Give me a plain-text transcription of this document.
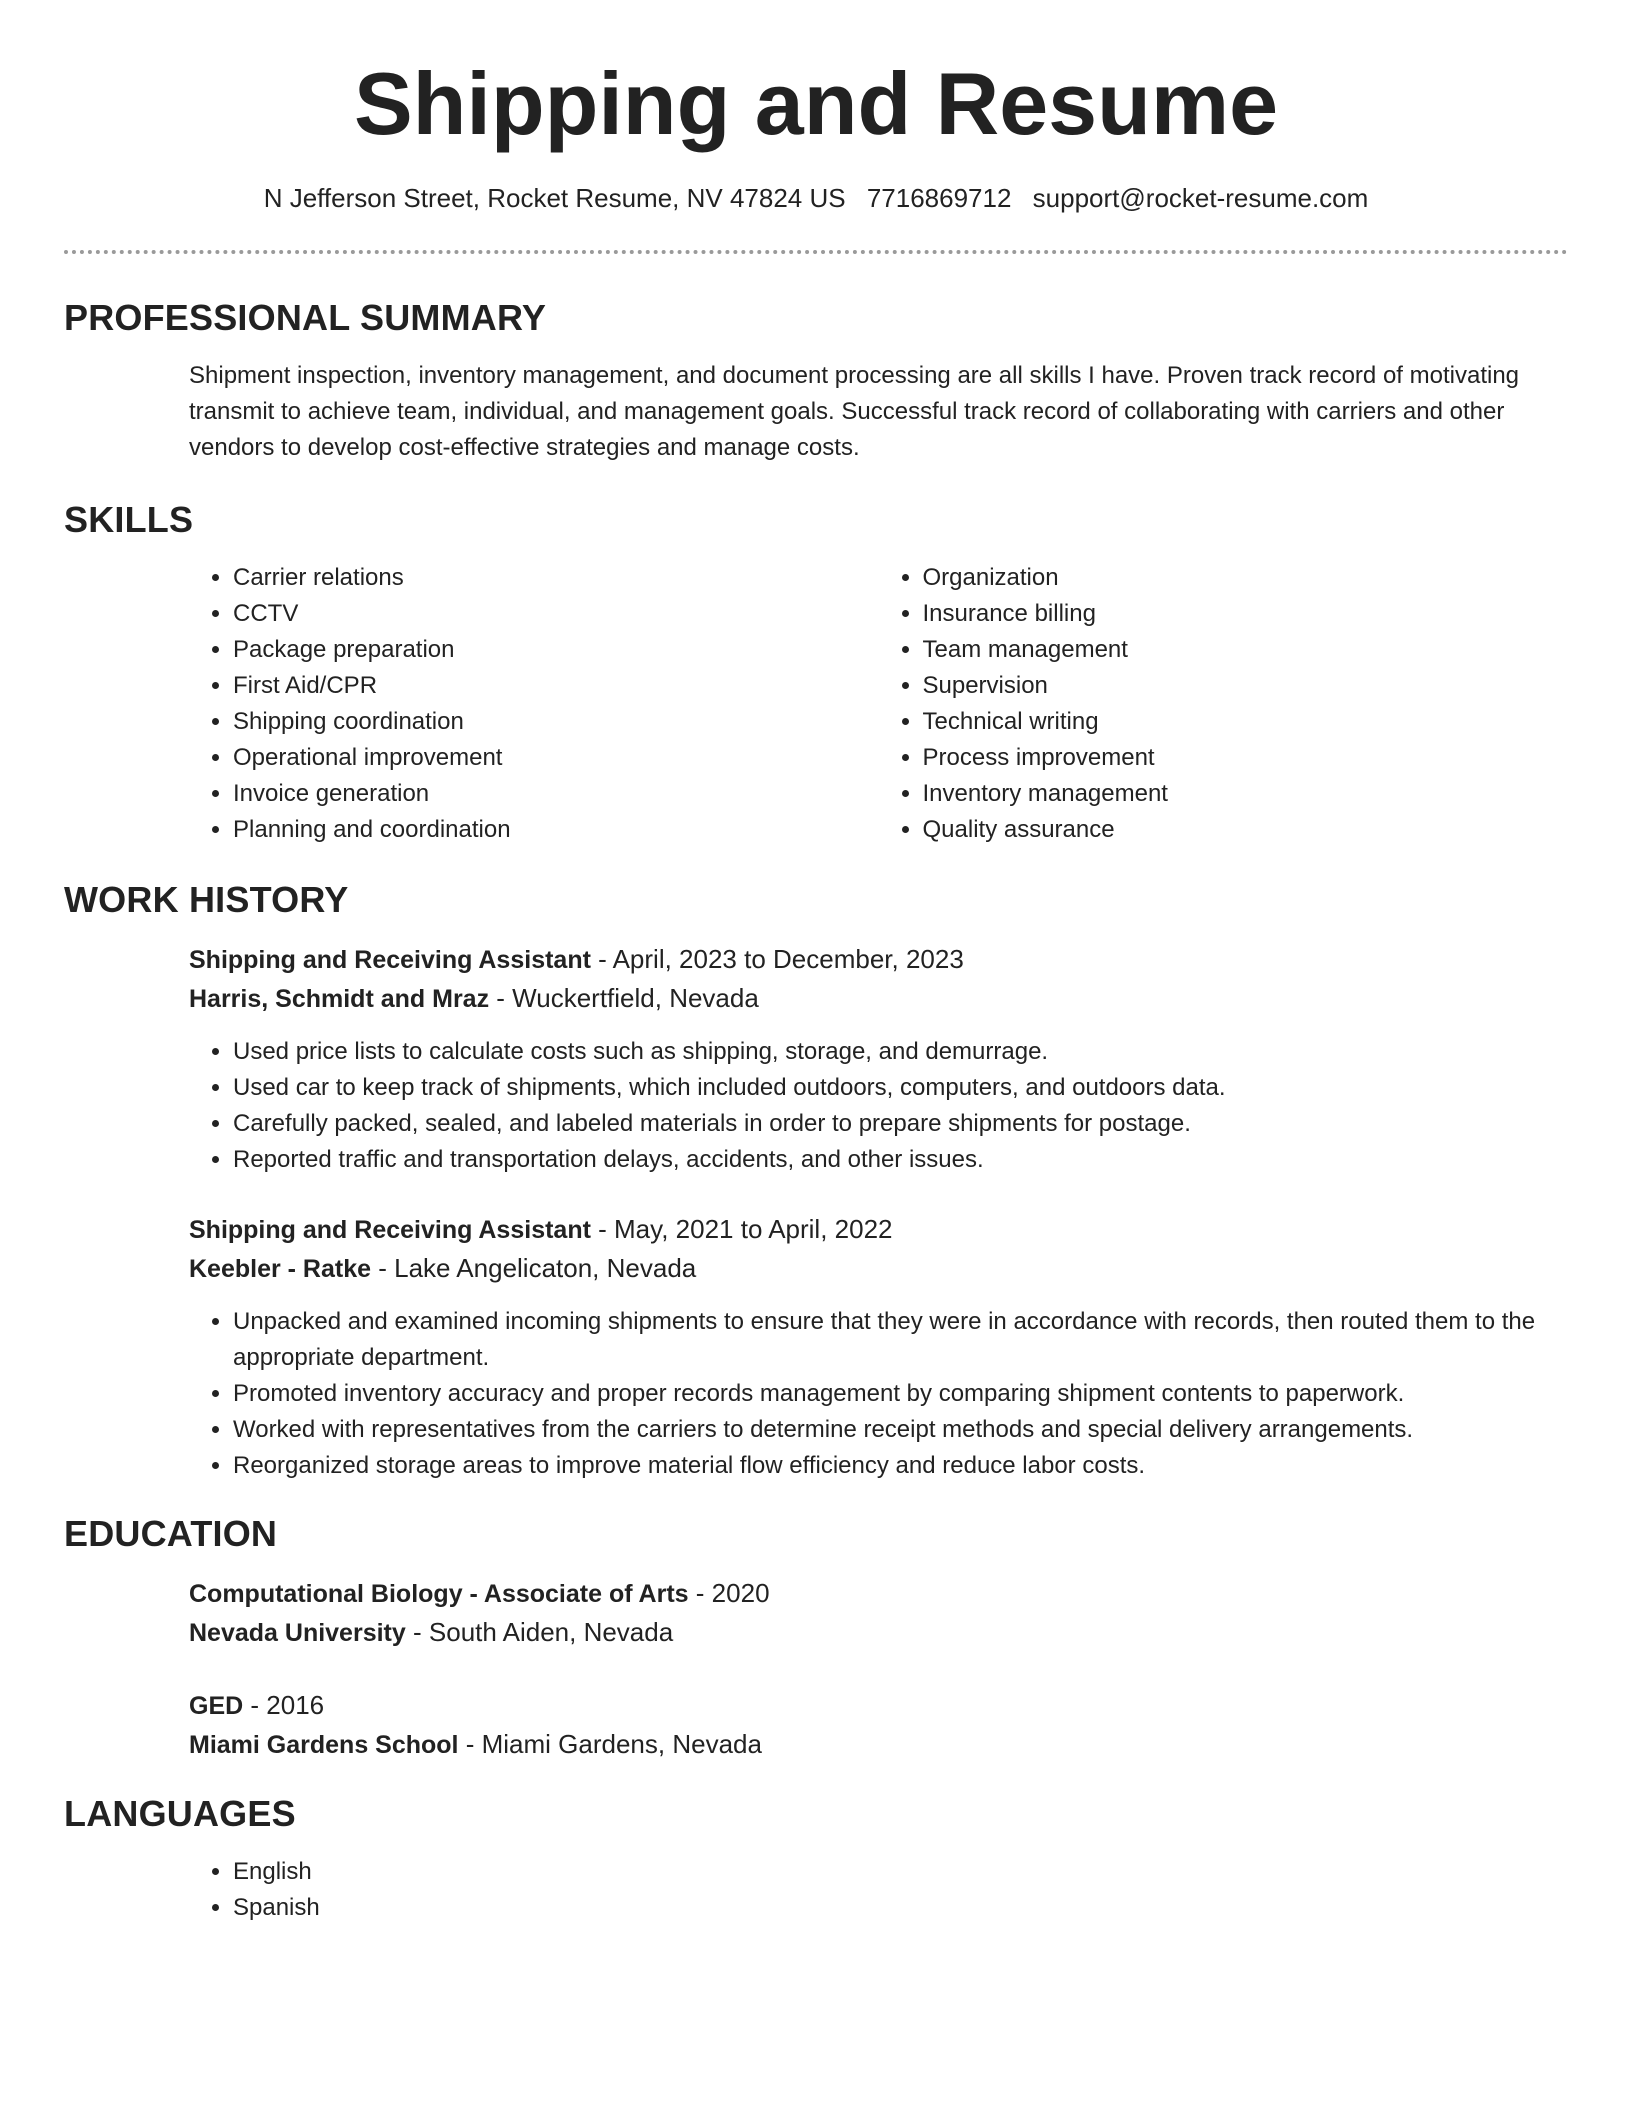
Shipping and Resume
N Jefferson Street, Rocket Resume, NV 47824 US 7716869712 support@rocket-resume.com
PROFESSIONAL SUMMARY

Shipment inspection, inventory management, and document processing are all skills I have. Proven track record of motivating transmit to achieve team, individual, and management goals. Successful track record of collaborating with carriers and other vendors to develop cost-effective strategies and manage costs.

SKILLS
• Carrier relations
• CCTV
• Package preparation
• First Aid/CPR
• Shipping coordination
• Operational improvement
• Invoice generation
• Planning and coordination
• Organization
• Insurance billing
• Team management
• Supervision
• Technical writing
• Process improvement
• Inventory management
• Quality assurance
WORK HISTORY
Shipping and Receiving Assistant - April, 2023 to December, 2023
Harris, Schmidt and Mraz - Wuckertfield, Nevada
• Used price lists to calculate costs such as shipping, storage, and demurrage.
• Used car to keep track of shipments, which included outdoors, computers, and outdoors data.
• Carefully packed, sealed, and labeled materials in order to prepare shipments for postage.
• Reported traffic and transportation delays, accidents, and other issues.
Shipping and Receiving Assistant - May, 2021 to April, 2022
Keebler - Ratke - Lake Angelicaton, Nevada
• Unpacked and examined incoming shipments to ensure that they were in accordance with records, then routed them to the appropriate department.
• Promoted inventory accuracy and proper records management by comparing shipment contents to paperwork.
• Worked with representatives from the carriers to determine receipt methods and special delivery arrangements.
• Reorganized storage areas to improve material flow efficiency and reduce labor costs.
EDUCATION
Computational Biology - Associate of Arts - 2020
Nevada University - South Aiden, Nevada
GED - 2016
Miami Gardens School - Miami Gardens, Nevada
LANGUAGES
• English
• Spanish
